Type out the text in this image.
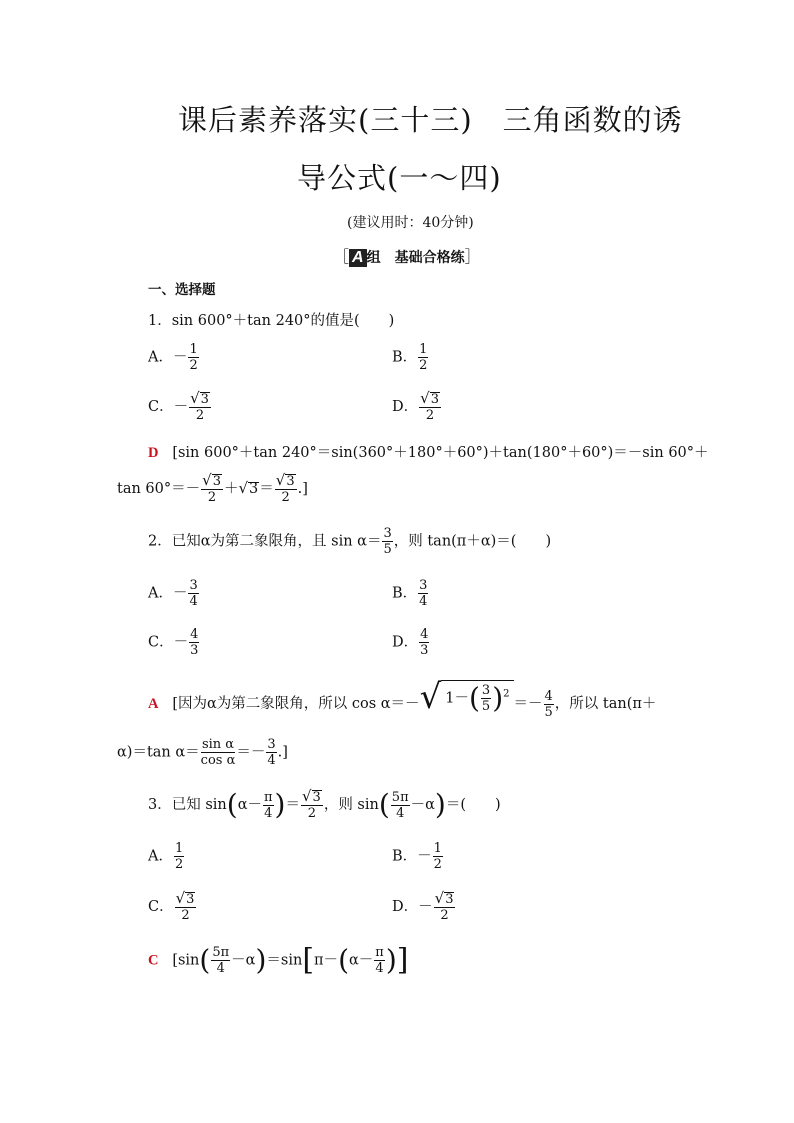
课后素养落实(三十三)　三角函数的诱
导公式(一～四)
(建议用时：40分钟)
［ A 组　基础合格练］
一、选择题
1．sin 600°＋tan 240°的值是(　　)
A．－ $\frac{1}{2}$	B． $\frac{1}{2}$
C．－ $\frac{√ 3}{2}$	D． $\frac{√ 3}{2}$
D [sin 600°＋tan 240°＝sin(360°＋180°＋60°)＋tan(180°＋60°)＝－sin 60°＋
$\tan 60^\circ=- \frac{√ 3}{2}$ ＋ √ $3 = \frac{√ 3}{2}$ .]
2．已知α为第二象限角，且 $\sin \alpha= \frac{3}{5}$ ，则 tan(π＋α)＝(　　)
A．－ $\frac{3}{4}$	B． $\frac{3}{4}$
C．－ $\frac{4}{3}$	D． $\frac{4}{3}$
A [因为α为第二象限角，所以 cos α＝－ √ $1-( \frac{3}{5} )^2$
＝－ $\frac{4}{5}$ ，所以 tan(π＋
α)＝tan $\alpha= \frac{\text{sin α}}{\text{cos α}} =- \frac{3}{4}$ .]
3．已知 $\sin(\alpha- \frac{\pi}{4}$ )＝ $\frac{√ 3}{2}$ ，则 $\sin( \frac{5\pi}{4} -\alpha)=$(　　)
A． $\frac{1}{2}$	B．－ $\frac{1}{2}$
C． $\frac{√ 3}{2}$	D．－ $\frac{√ 3}{2}$
C [$\sin( \frac{5\pi}{4} -\alpha)=\sin[\pi-(\alpha- \frac{\pi}{4}$ )]
